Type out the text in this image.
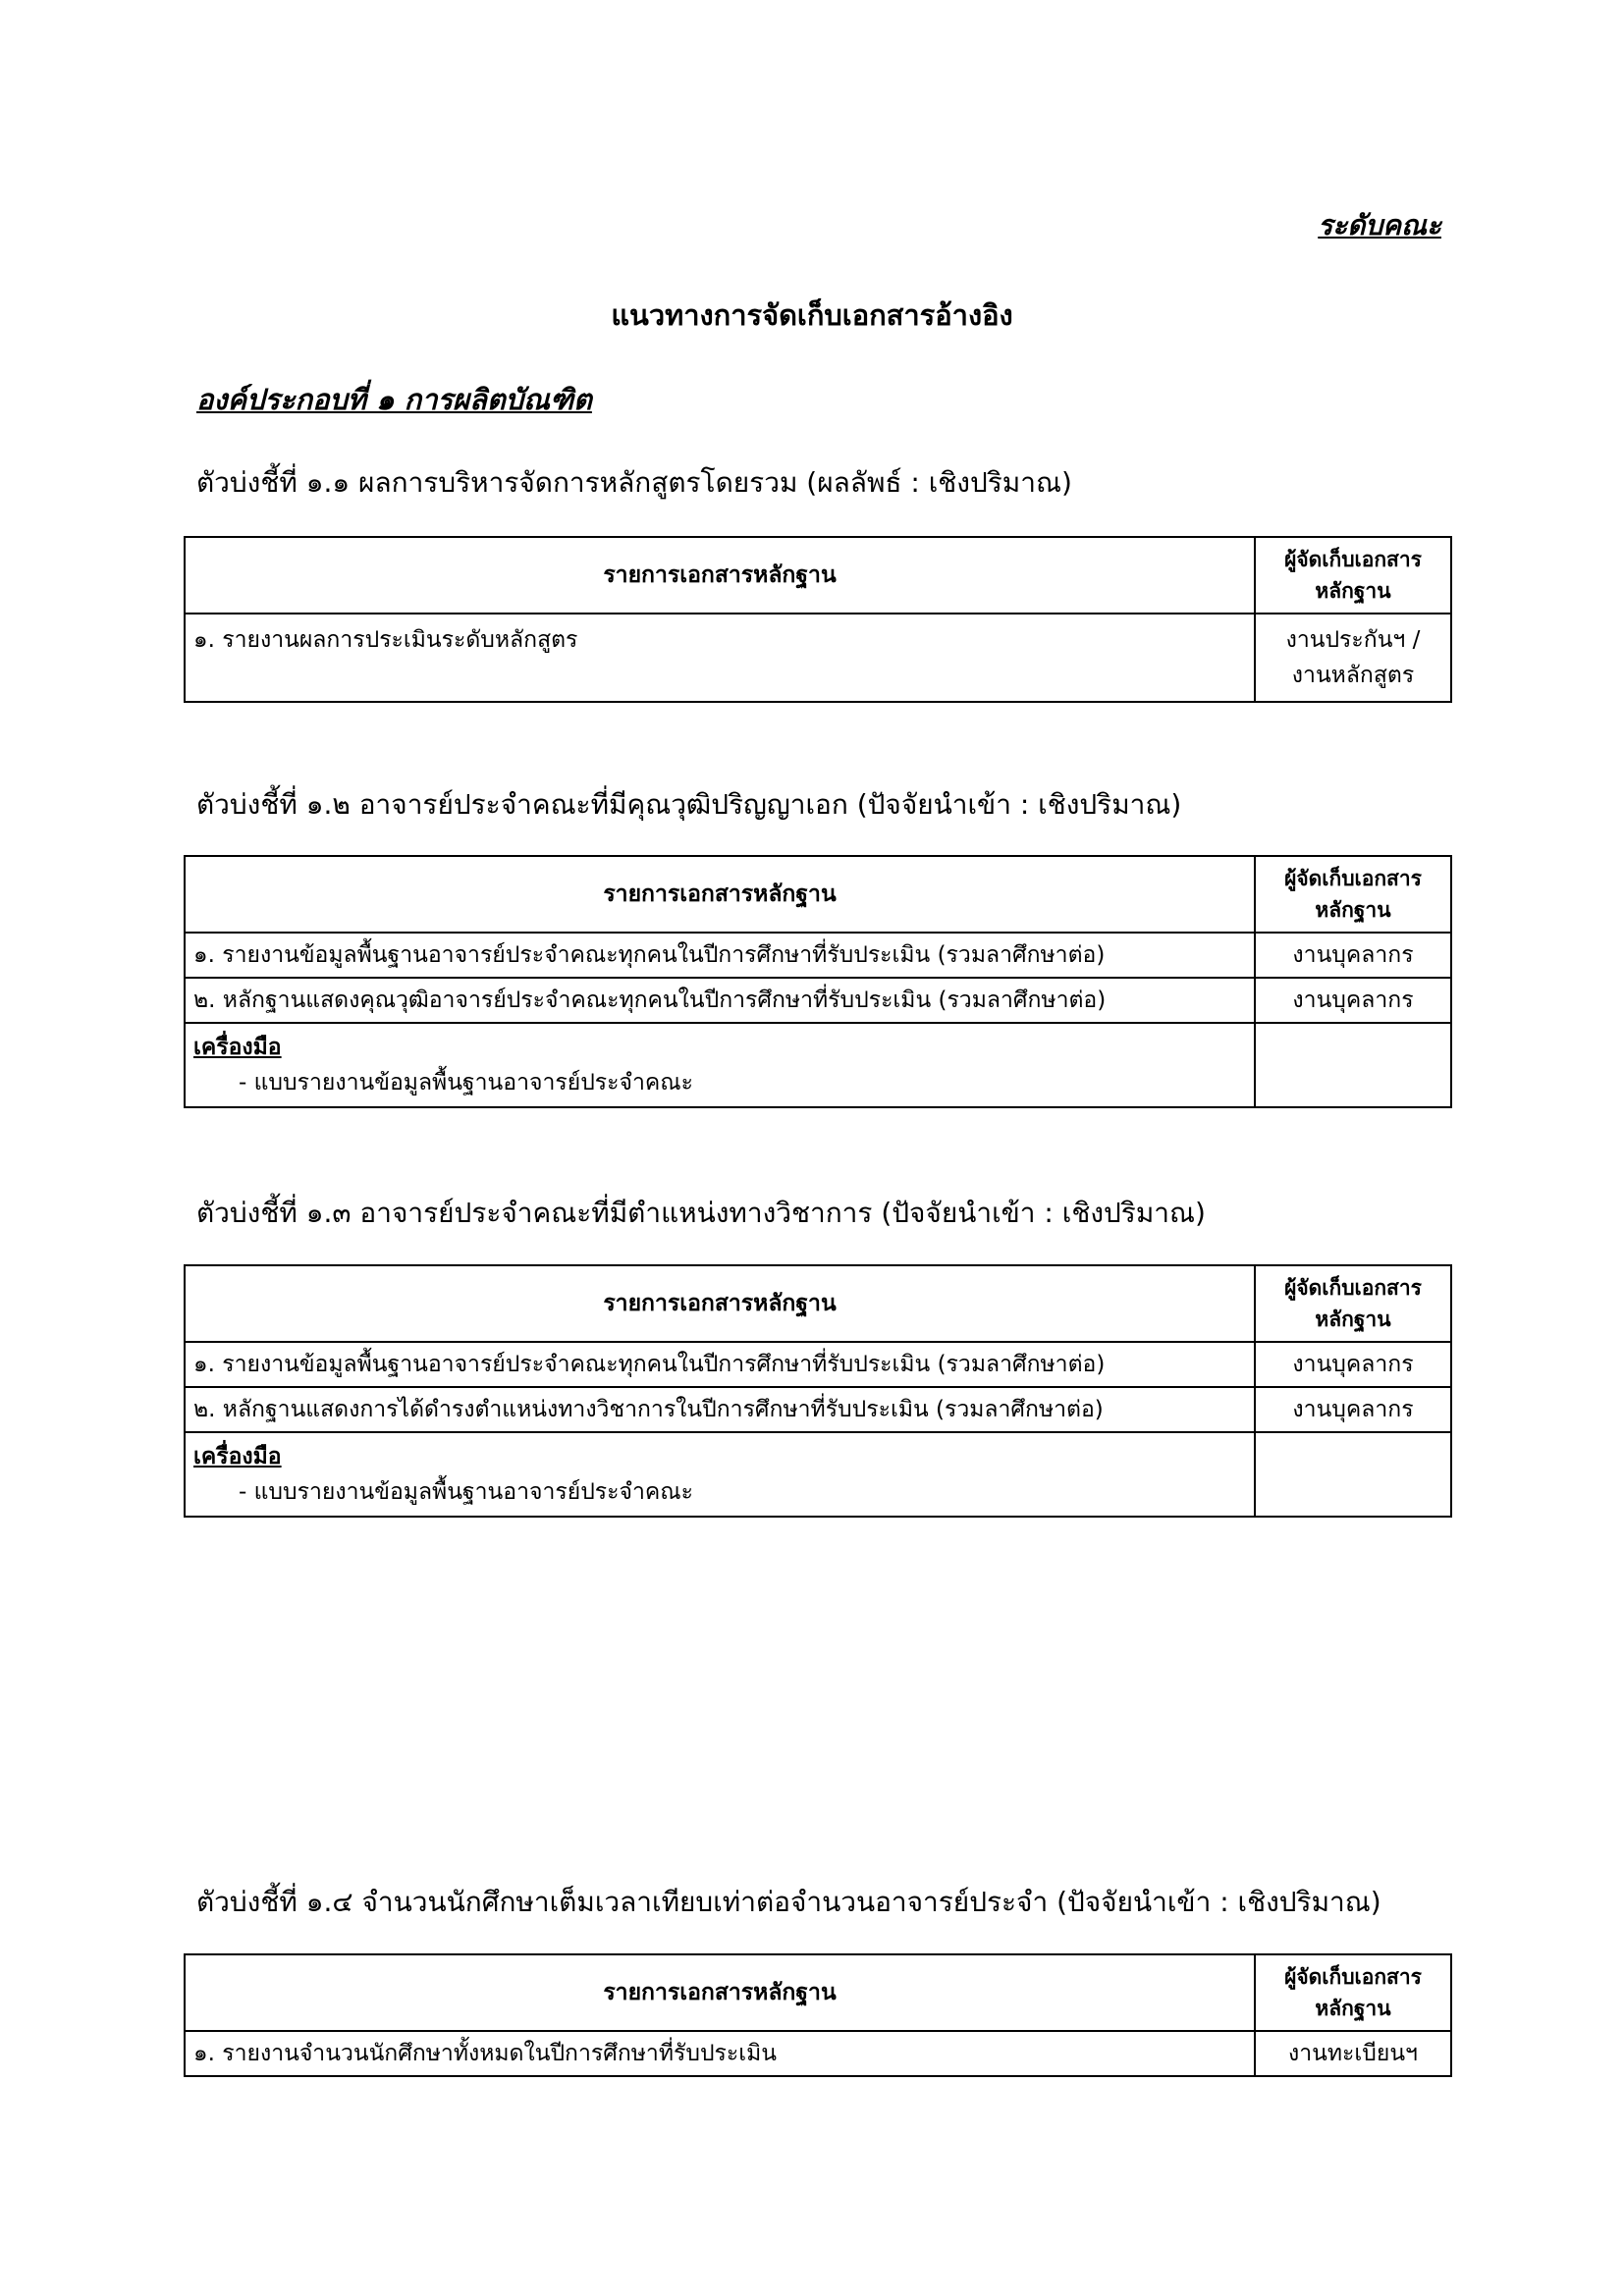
ระดับคณะ
แนวทางการจัดเก็บเอกสารอ้างอิง
องค์ประกอบที่ ๑ การผลิตบัณฑิต
ตัวบ่งชี้ที่ ๑.๑ ผลการบริหารจัดการหลักสูตรโดยรวม (ผลลัพธ์ : เชิงปริมาณ)
รายการเอกสารหลักฐาน	ผู้จัดเก็บเอกสาร
หลักฐาน
๑. รายงานผลการประเมินระดับหลักสูตร	งานประกันฯ /
งานหลักสูตร
ตัวบ่งชี้ที่ ๑.๒ อาจารย์ประจำคณะที่มีคุณวุฒิปริญญาเอก (ปัจจัยนำเข้า : เชิงปริมาณ)
รายการเอกสารหลักฐาน	ผู้จัดเก็บเอกสาร
หลักฐาน
๑. รายงานข้อมูลพื้นฐานอาจารย์ประจำคณะทุกคนในปีการศึกษาที่รับประเมิน (รวมลาศึกษาต่อ)	งานบุคลากร
๒. หลักฐานแสดงคุณวุฒิอาจารย์ประจำคณะทุกคนในปีการศึกษาที่รับประเมิน (รวมลาศึกษาต่อ)	งานบุคลากร

เครื่องมือ
- แบบรายงานข้อมูลพื้นฐานอาจารย์ประจำคณะ	

ตัวบ่งชี้ที่ ๑.๓ อาจารย์ประจำคณะที่มีตำแหน่งทางวิชาการ (ปัจจัยนำเข้า : เชิงปริมาณ)
รายการเอกสารหลักฐาน	ผู้จัดเก็บเอกสาร
หลักฐาน
๑. รายงานข้อมูลพื้นฐานอาจารย์ประจำคณะทุกคนในปีการศึกษาที่รับประเมิน (รวมลาศึกษาต่อ)	งานบุคลากร
๒. หลักฐานแสดงการได้ดำรงตำแหน่งทางวิชาการในปีการศึกษาที่รับประเมิน (รวมลาศึกษาต่อ)	งานบุคลากร

เครื่องมือ
- แบบรายงานข้อมูลพื้นฐานอาจารย์ประจำคณะ	

ตัวบ่งชี้ที่ ๑.๔ จำนวนนักศึกษาเต็มเวลาเทียบเท่าต่อจำนวนอาจารย์ประจำ (ปัจจัยนำเข้า : เชิงปริมาณ)
รายการเอกสารหลักฐาน	ผู้จัดเก็บเอกสาร
หลักฐาน
๑. รายงานจำนวนนักศึกษาทั้งหมดในปีการศึกษาที่รับประเมิน	งานทะเบียนฯ
